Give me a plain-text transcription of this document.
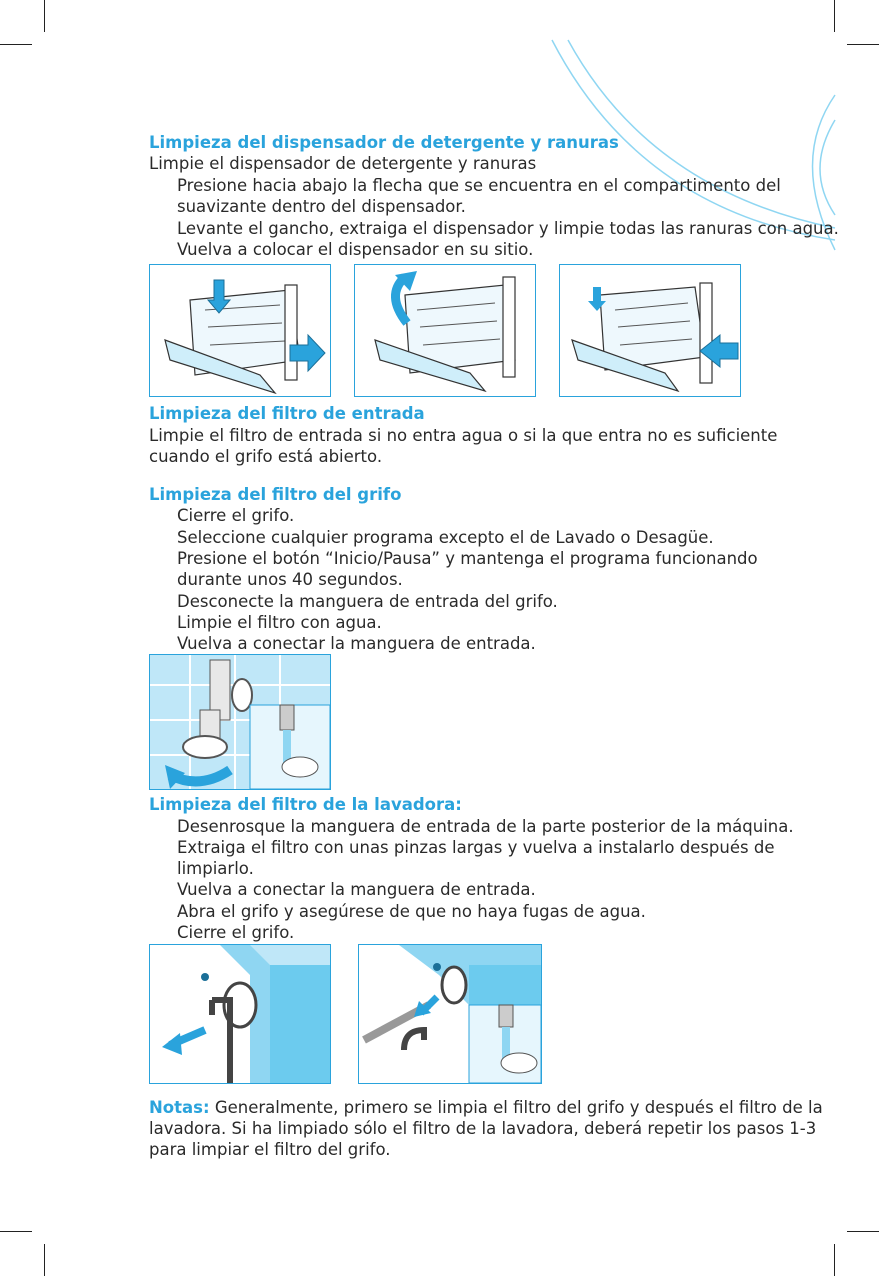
Limpieza del dispensador de detergente y ranuras

Limpie el dispensador de detergente y ranuras

Presione hacia abajo la flecha que se encuentra en el compartimento del

suavizante dentro del dispensador.

Levante el gancho, extraiga el dispensador y limpie todas las ranuras con agua.

Vuelva a colocar el dispensador en su sitio.

Limpieza del filtro de entrada

Limpie el filtro de entrada si no entra agua o si la que entra no es suficiente

cuando el grifo está abierto.

Limpieza del filtro del grifo

Cierre el grifo.

Seleccione cualquier programa excepto el de Lavado o Desagüe.

Presione el botón “Inicio/Pausa” y mantenga el programa funcionando

durante unos 40 segundos.

Desconecte la manguera de entrada del grifo.

Limpie el filtro con agua.

Vuelva a conectar la manguera de entrada.

Limpieza del filtro de la lavadora:

Desenrosque la manguera de entrada de la parte posterior de la máquina.

Extraiga el filtro con unas pinzas largas y vuelva a instalarlo después de

limpiarlo.

Vuelva a conectar la manguera de entrada.

Abra el grifo y asegúrese de que no haya fugas de agua.

Cierre el grifo.

Notas: Generalmente, primero se limpia el filtro del grifo y después el filtro de la
lavadora. Si ha limpiado sólo el filtro de la lavadora, deberá repetir los pasos 1-3
para limpiar el filtro del grifo.
